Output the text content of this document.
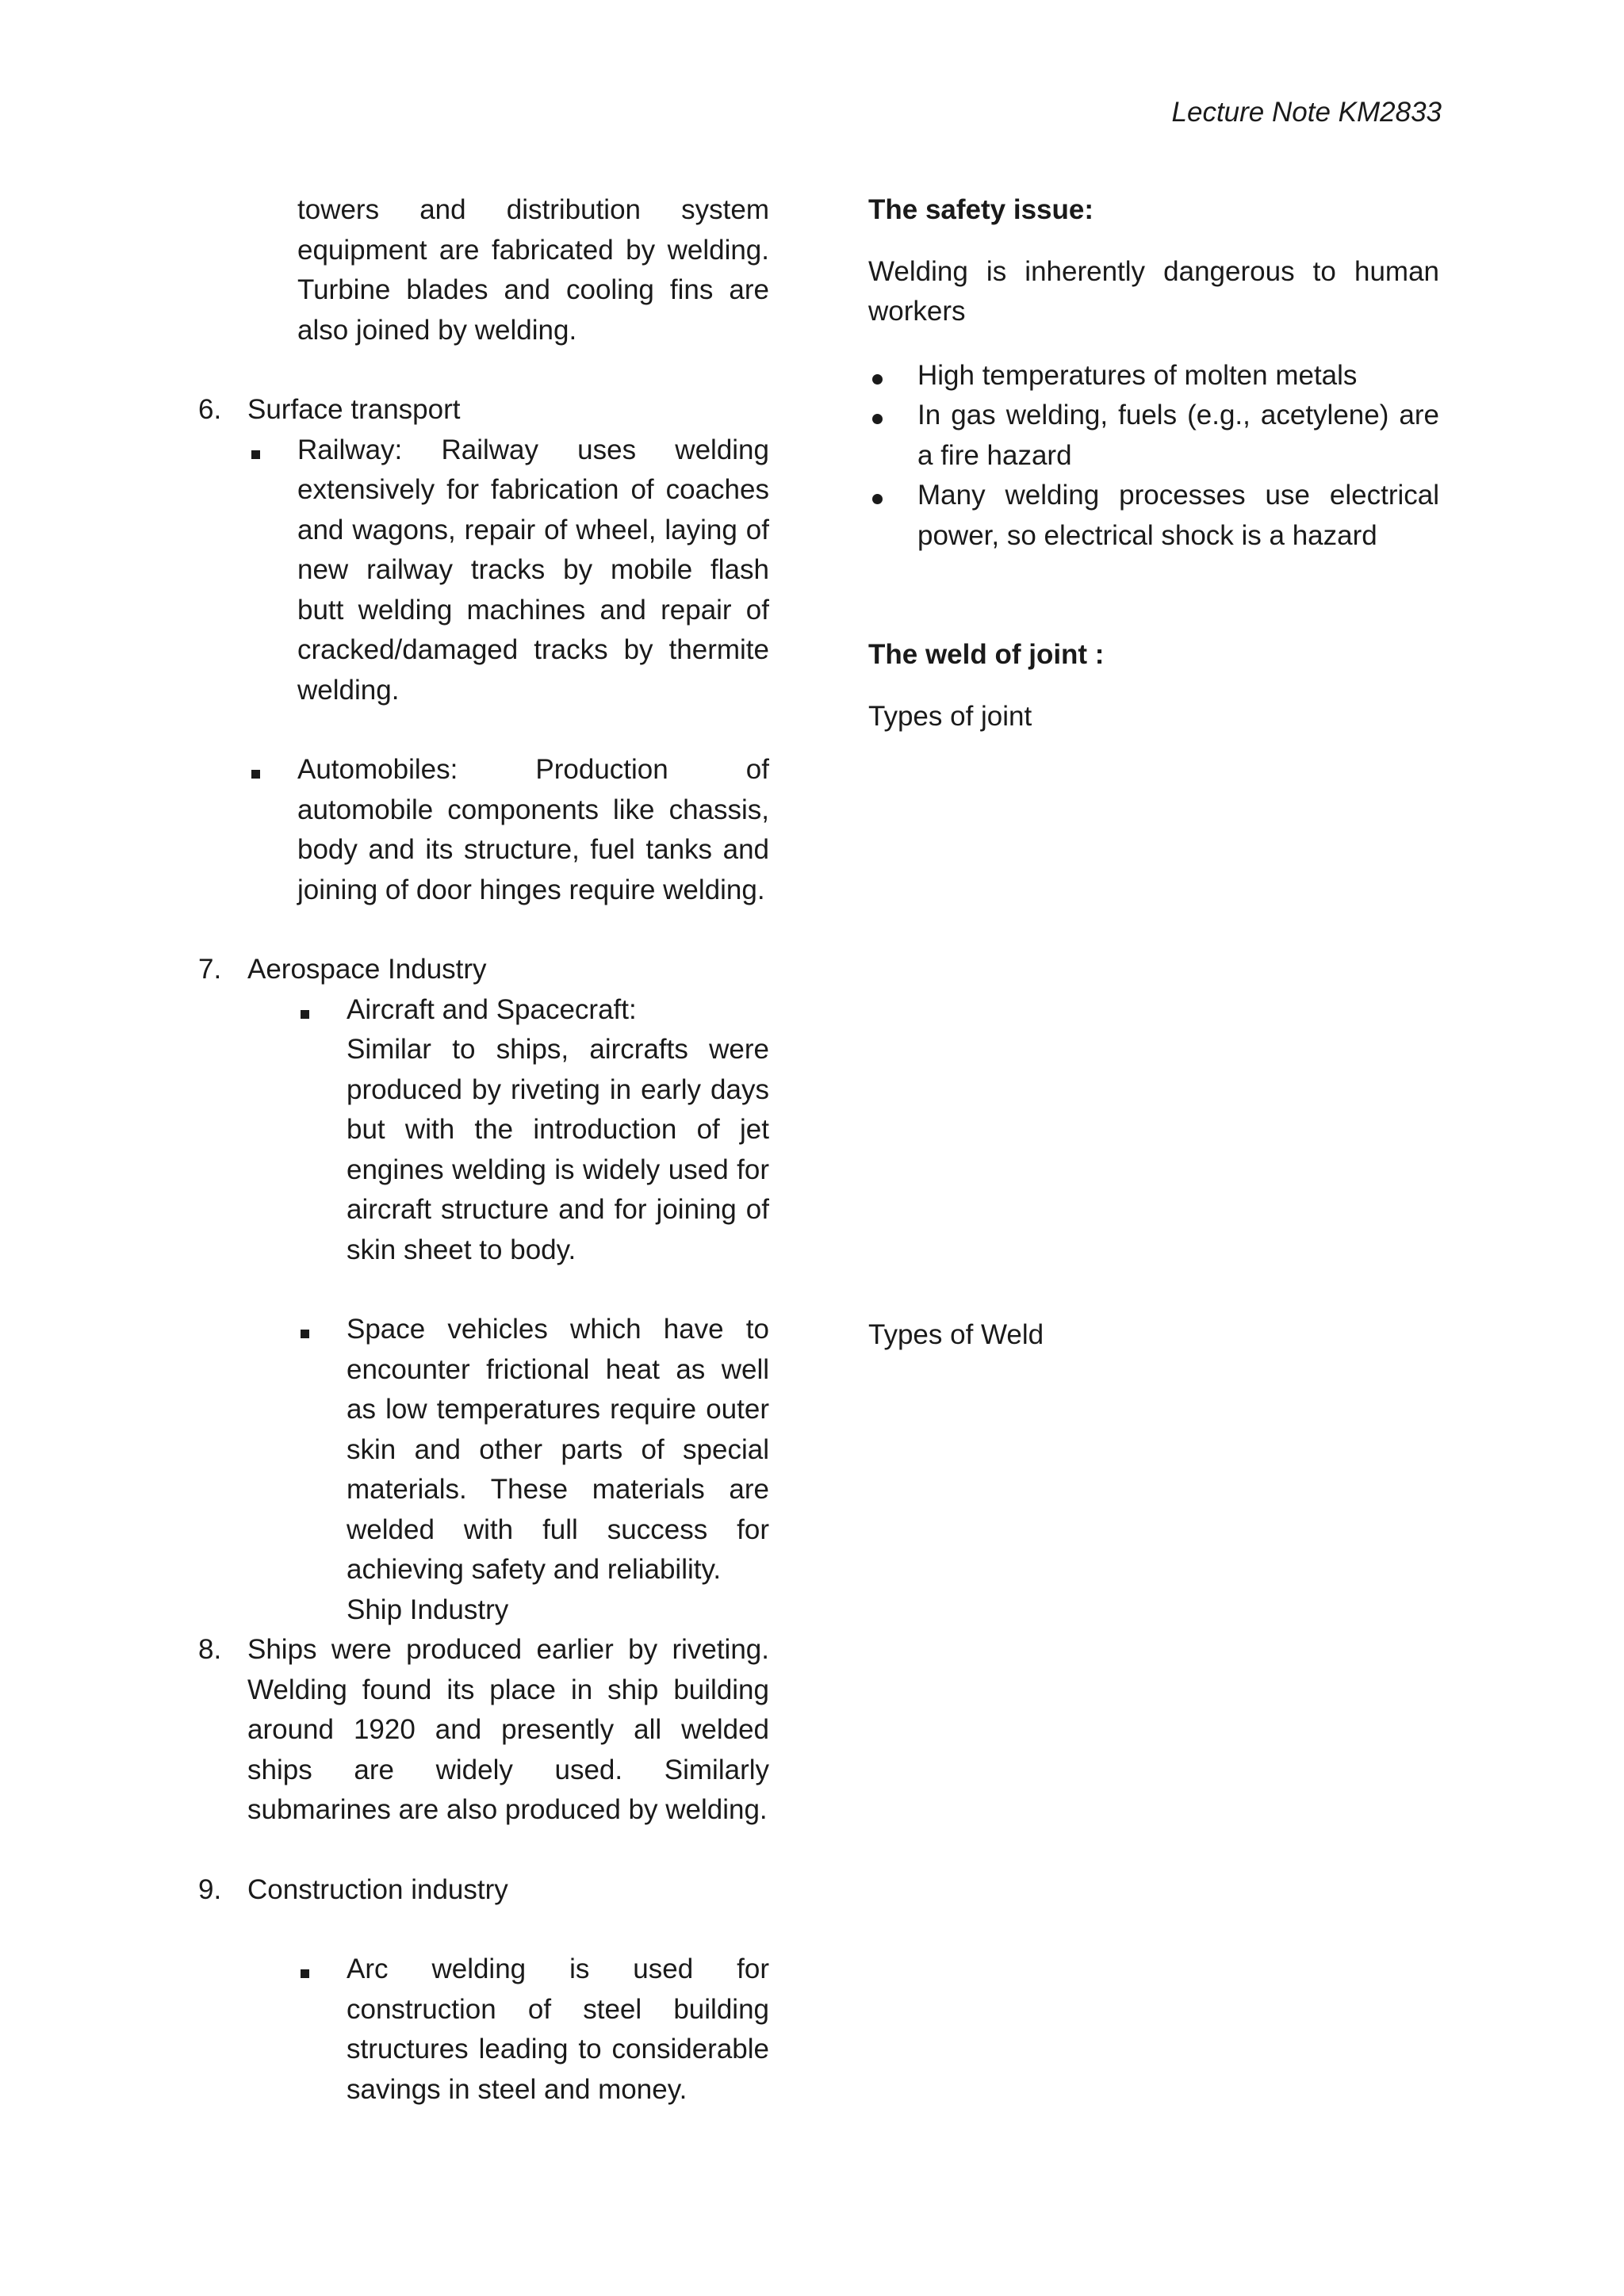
Lecture Note KM2833

towers and distribution system equipment are fabricated by welding. Turbine blades and cooling fins are also joined by welding.

6. Surface transport

Railway: Railway uses welding extensively for fabrication of coaches and wagons, repair of wheel, laying of new railway tracks by mobile flash butt welding machines and repair of cracked/damaged tracks by thermite welding.

Automobiles: Production of automobile components like chassis, body and its structure, fuel tanks and joining of door hinges require welding.

7. Aerospace Industry

Aircraft and Spacecraft:

Similar to ships, aircrafts were produced by riveting in early days but with the introduction of jet engines welding is widely used for aircraft structure and for joining of skin sheet to body.

Space vehicles which have to encounter frictional heat as well as low temperatures require outer skin and other parts of special materials. These materials are welded with full success for achieving safety and reliability.

Ship Industry

8. Ships were produced earlier by riveting. Welding found its place in ship building around 1920 and presently all welded ships are widely used. Similarly submarines are also produced by welding.

9. Construction industry

Arc welding is used for construction of steel building structures leading to considerable savings in steel and money.

The safety issue:

Welding is inherently dangerous to human workers

High temperatures of molten metals

In gas welding, fuels (e.g., acetylene) are a fire hazard

Many welding processes use electrical power, so electrical shock is a hazard

The weld of joint :

Types of joint

Types of Weld
